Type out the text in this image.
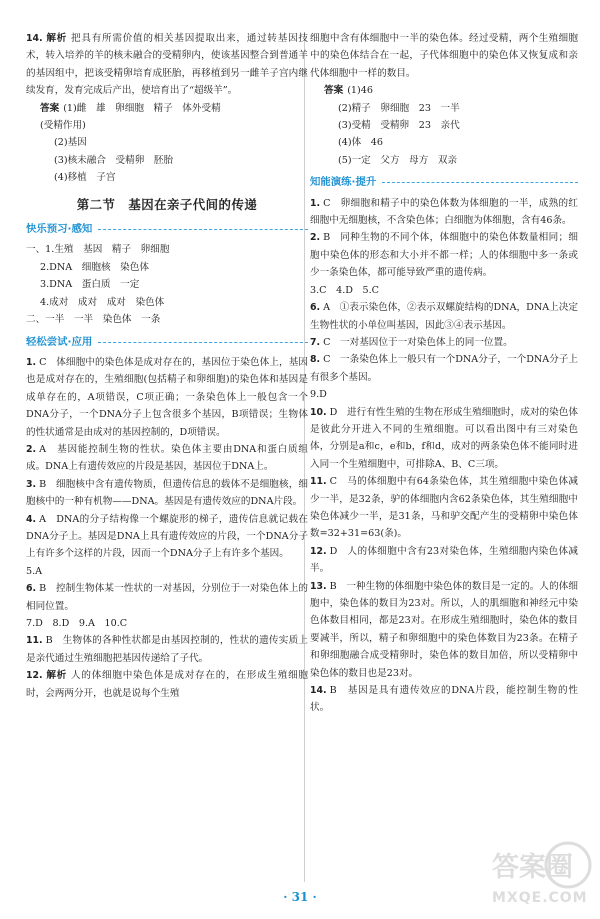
14. 解析 把具有所需价值的相关基因提取出来，通过转基因技术，转入培养的羊的核未融合的受精卵内，使该基因整合到普通羊的基因组中，把该受精卵培育成胚胎，再移植到另一雌羊子宫内继续发育，发育完成后产出，使培育出了“超级羊”。

答案 (1)雌　雄　卵细胞　精子　体外受精

(受精作用)

(2)基因

(3)核未融合　受精卵　胚胎

(4)移植　子宫

第二节　基因在亲子代间的传递
快乐预习·感知

一、1.生殖　基因　精子　卵细胞

2.DNA　细胞核　染色体

3.DNA　蛋白质　一定

4.成对　成对　成对　染色体

二、一半　一半　染色体　一条

轻松尝试·应用

1. C　体细胞中的染色体是成对存在的，基因位于染色体上，基因也是成对存在的，生殖细胞(包括精子和卵细胞)的染色体和基因是成单存在的，A项错误，C项正确；一条染色体上一般包含一个DNA分子，一个DNA分子上包含很多个基因，B项错误；生物体的性状通常是由成对的基因控制的，D项错误。

2. A　基因能控制生物的性状。染色体主要由DNA和蛋白质组成。DNA上有遗传效应的片段是基因，基因位于DNA上。

3. B　细胞核中含有遗传物质，但遗传信息的载体不是细胞核，细胞核中的一种有机物——DNA。基因是有遗传效应的DNA片段。

4. A　DNA的分子结构像一个螺旋形的梯子，遗传信息就记载在DNA分子上。基因是DNA上具有遗传效应的片段，一个DNA分子上有许多个这样的片段，因而一个DNA分子上有许多个基因。

5.A

6. B　控制生物体某一性状的一对基因，分别位于一对染色体上的相同位置。

7.D　8.D　9.A　10.C

11. B　生物体的各种性状都是由基因控制的，性状的遗传实质上是亲代通过生殖细胞把基因传递给了子代。

12. 解析 人的体细胞中染色体是成对存在的，在形成生殖细胞时，会两两分开，也就是说每个生殖

细胞中含有体细胞中一半的染色体。经过受精，两个生殖细胞中的染色体结合在一起，子代体细胞中的染色体又恢复成和亲代体细胞中一样的数目。

答案 (1)46

(2)精子　卵细胞　23　一半

(3)受精　受精卵　23　亲代

(4)体　46

(5)一定　父方　母方　双亲

知能演练·提升

1. C　卵细胞和精子中的染色体数为体细胞的一半，成熟的红细胞中无细胞核，不含染色体；白细胞为体细胞，含有46条。

2. B　同种生物的不同个体，体细胞中的染色体数量相同；细胞中染色体的形态和大小并不都一样；人的体细胞中多一条或少一条染色体，都可能导致严重的遗传病。

3.C　4.D　5.C

6. A　①表示染色体，②表示双螺旋结构的DNA，DNA上决定生物性状的小单位叫基因，因此③④表示基因。

7. C　一对基因位于一对染色体上的同一位置。

8. C　一条染色体上一般只有一个DNA分子，一个DNA分子上有很多个基因。

9.D

10. D　进行有性生殖的生物在形成生殖细胞时，成对的染色体是彼此分开进入不同的生殖细胞。可以看出图中有三对染色体，分别是a和c，e和b，f和d，成对的两条染色体不能同时进入同一个生殖细胞中，可排除A、B、C三项。

11. C　马的体细胞中有64条染色体，其生殖细胞中染色体减少一半，是32条，驴的体细胞内含62条染色体，其生殖细胞中染色体减少一半，是31条，马和驴交配产生的受精卵中染色体数=32+31=63(条)。

12. D　人的体细胞中含有23对染色体，生殖细胞内染色体减半。

13. B　一种生物的体细胞中染色体的数目是一定的。人的体细胞中，染色体的数目为23对。所以，人的肌细胞和神经元中染色体数目相同，都是23对。在形成生殖细胞时，染色体的数目要减半，所以，精子和卵细胞中的染色体数目为23条。在精子和卵细胞融合成受精卵时，染色体的数目加倍，所以受精卵中染色体的数目也是23对。

14. B　基因是具有遗传效应的DNA片段，能控制生物的性状。

· 31 ·
答案圈
MXQE.COM
